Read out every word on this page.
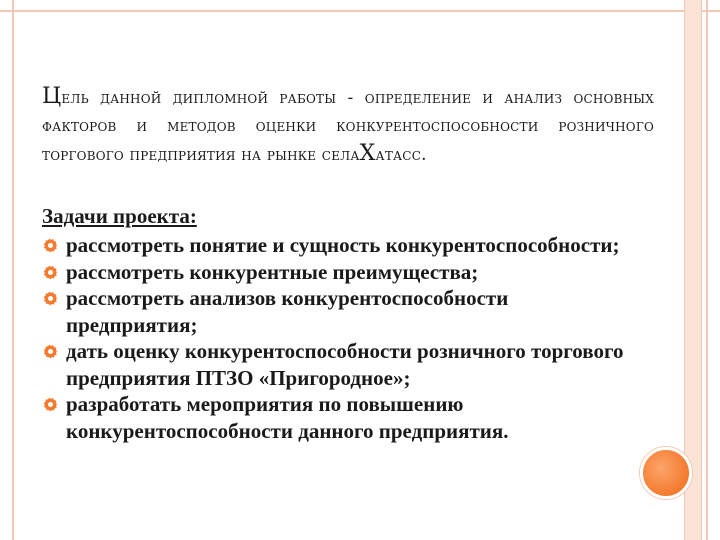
Цель данной дипломной работы - определение и анализ основных факторов и методов оценки конкурентоспособности розничного торгового предприятия на рынке селаХатасс.
Задачи проекта:
рассмотреть понятие и сущность конкурентоспособности;
рассмотреть конкурентные преимущества;
рассмотреть анализов конкурентоспособности предприятия;
дать оценку конкурентоспособности розничного торгового предприятия ПТЗО «Пригородное»;
разработать мероприятия по повышению конкурентоспособности данного предприятия.
